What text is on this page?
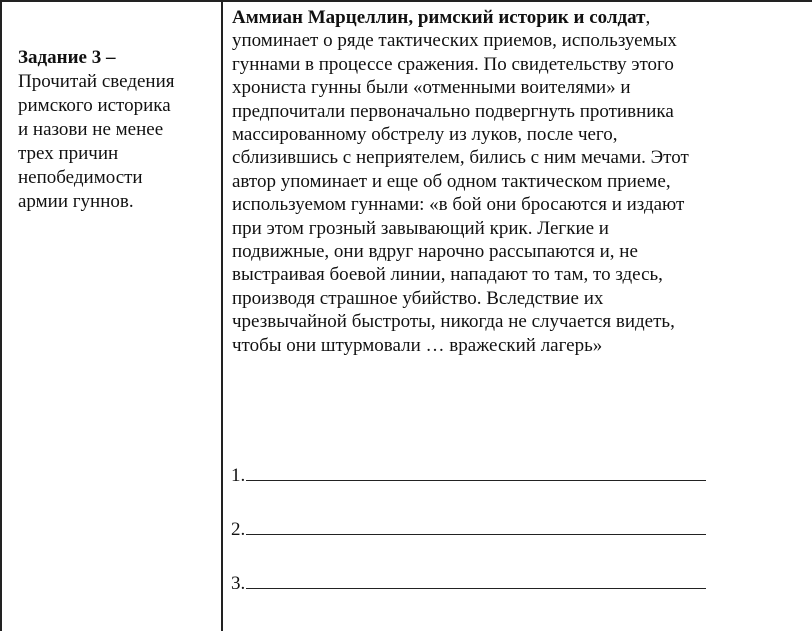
Задание 3 –
Прочитай сведения
римского историка
и назови не менее
трех причин
непобедимости
армии гуннов.
Аммиан Марцеллин, римский историк и солдат,
упоминает о ряде тактических приемов, используемых
гуннами в процессе сражения. По свидетельству этого
хрониста гунны были «отменными воителями» и
предпочитали первоначально подвергнуть противника
массированному обстрелу из луков, после чего,
сблизившись с неприятелем, бились с ним мечами. Этот
автор упоминает и еще об одном тактическом приеме,
используемом гуннами: «в бой они бросаются и издают
при этом грозный завывающий крик. Легкие и
подвижные, они вдруг нарочно рассыпаются и, не
выстраивая боевой линии, нападают то там, то здесь,
производя страшное убийство. Вследствие их
чрезвычайной быстроты, никогда не случается видеть,
чтобы они штурмовали … вражеский лагерь»
1.
2.
3.
